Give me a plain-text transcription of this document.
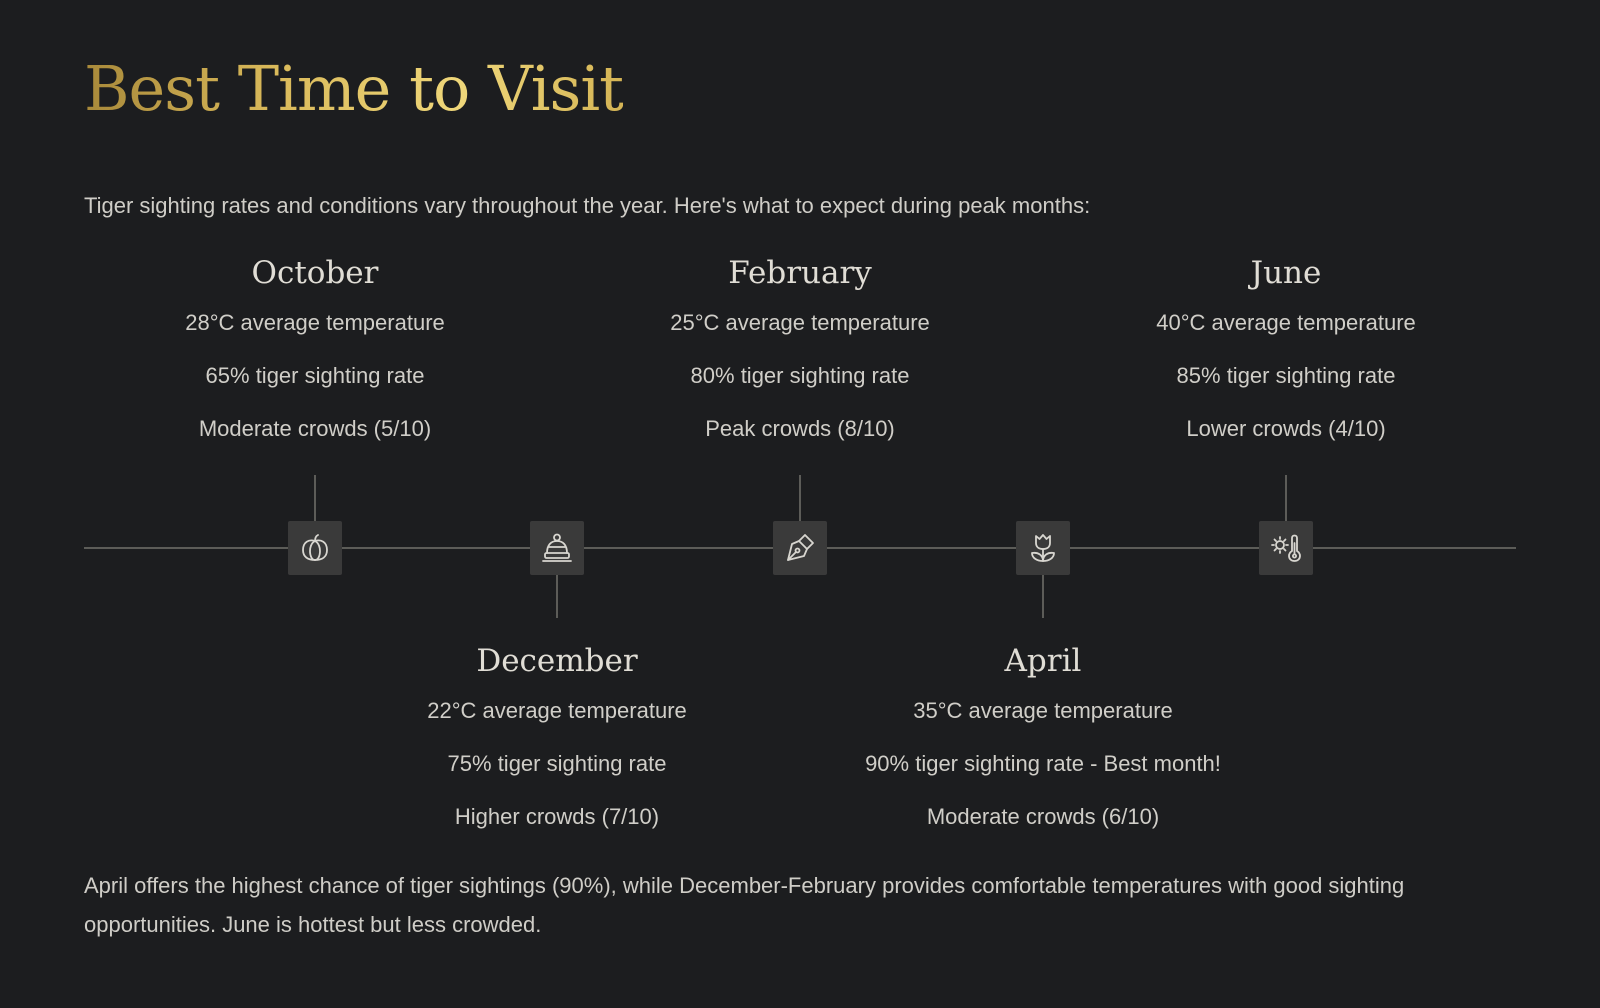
Best Time to Visit

Tiger sighting rates and conditions vary throughout the year. Here's what to expect during peak months:

October
28°C average temperature
65% tiger sighting rate
Moderate crowds (5/10)
February
25°C average temperature
80% tiger sighting rate
Peak crowds (8/10)
June
40°C average temperature
85% tiger sighting rate
Lower crowds (4/10)
December
22°C average temperature
75% tiger sighting rate
Higher crowds (7/10)
April
35°C average temperature
90% tiger sighting rate - Best month!
Moderate crowds (6/10)

April offers the highest chance of tiger sightings (90%), while December-February provides comfortable temperatures with good sighting opportunities. June is hottest but less crowded.
